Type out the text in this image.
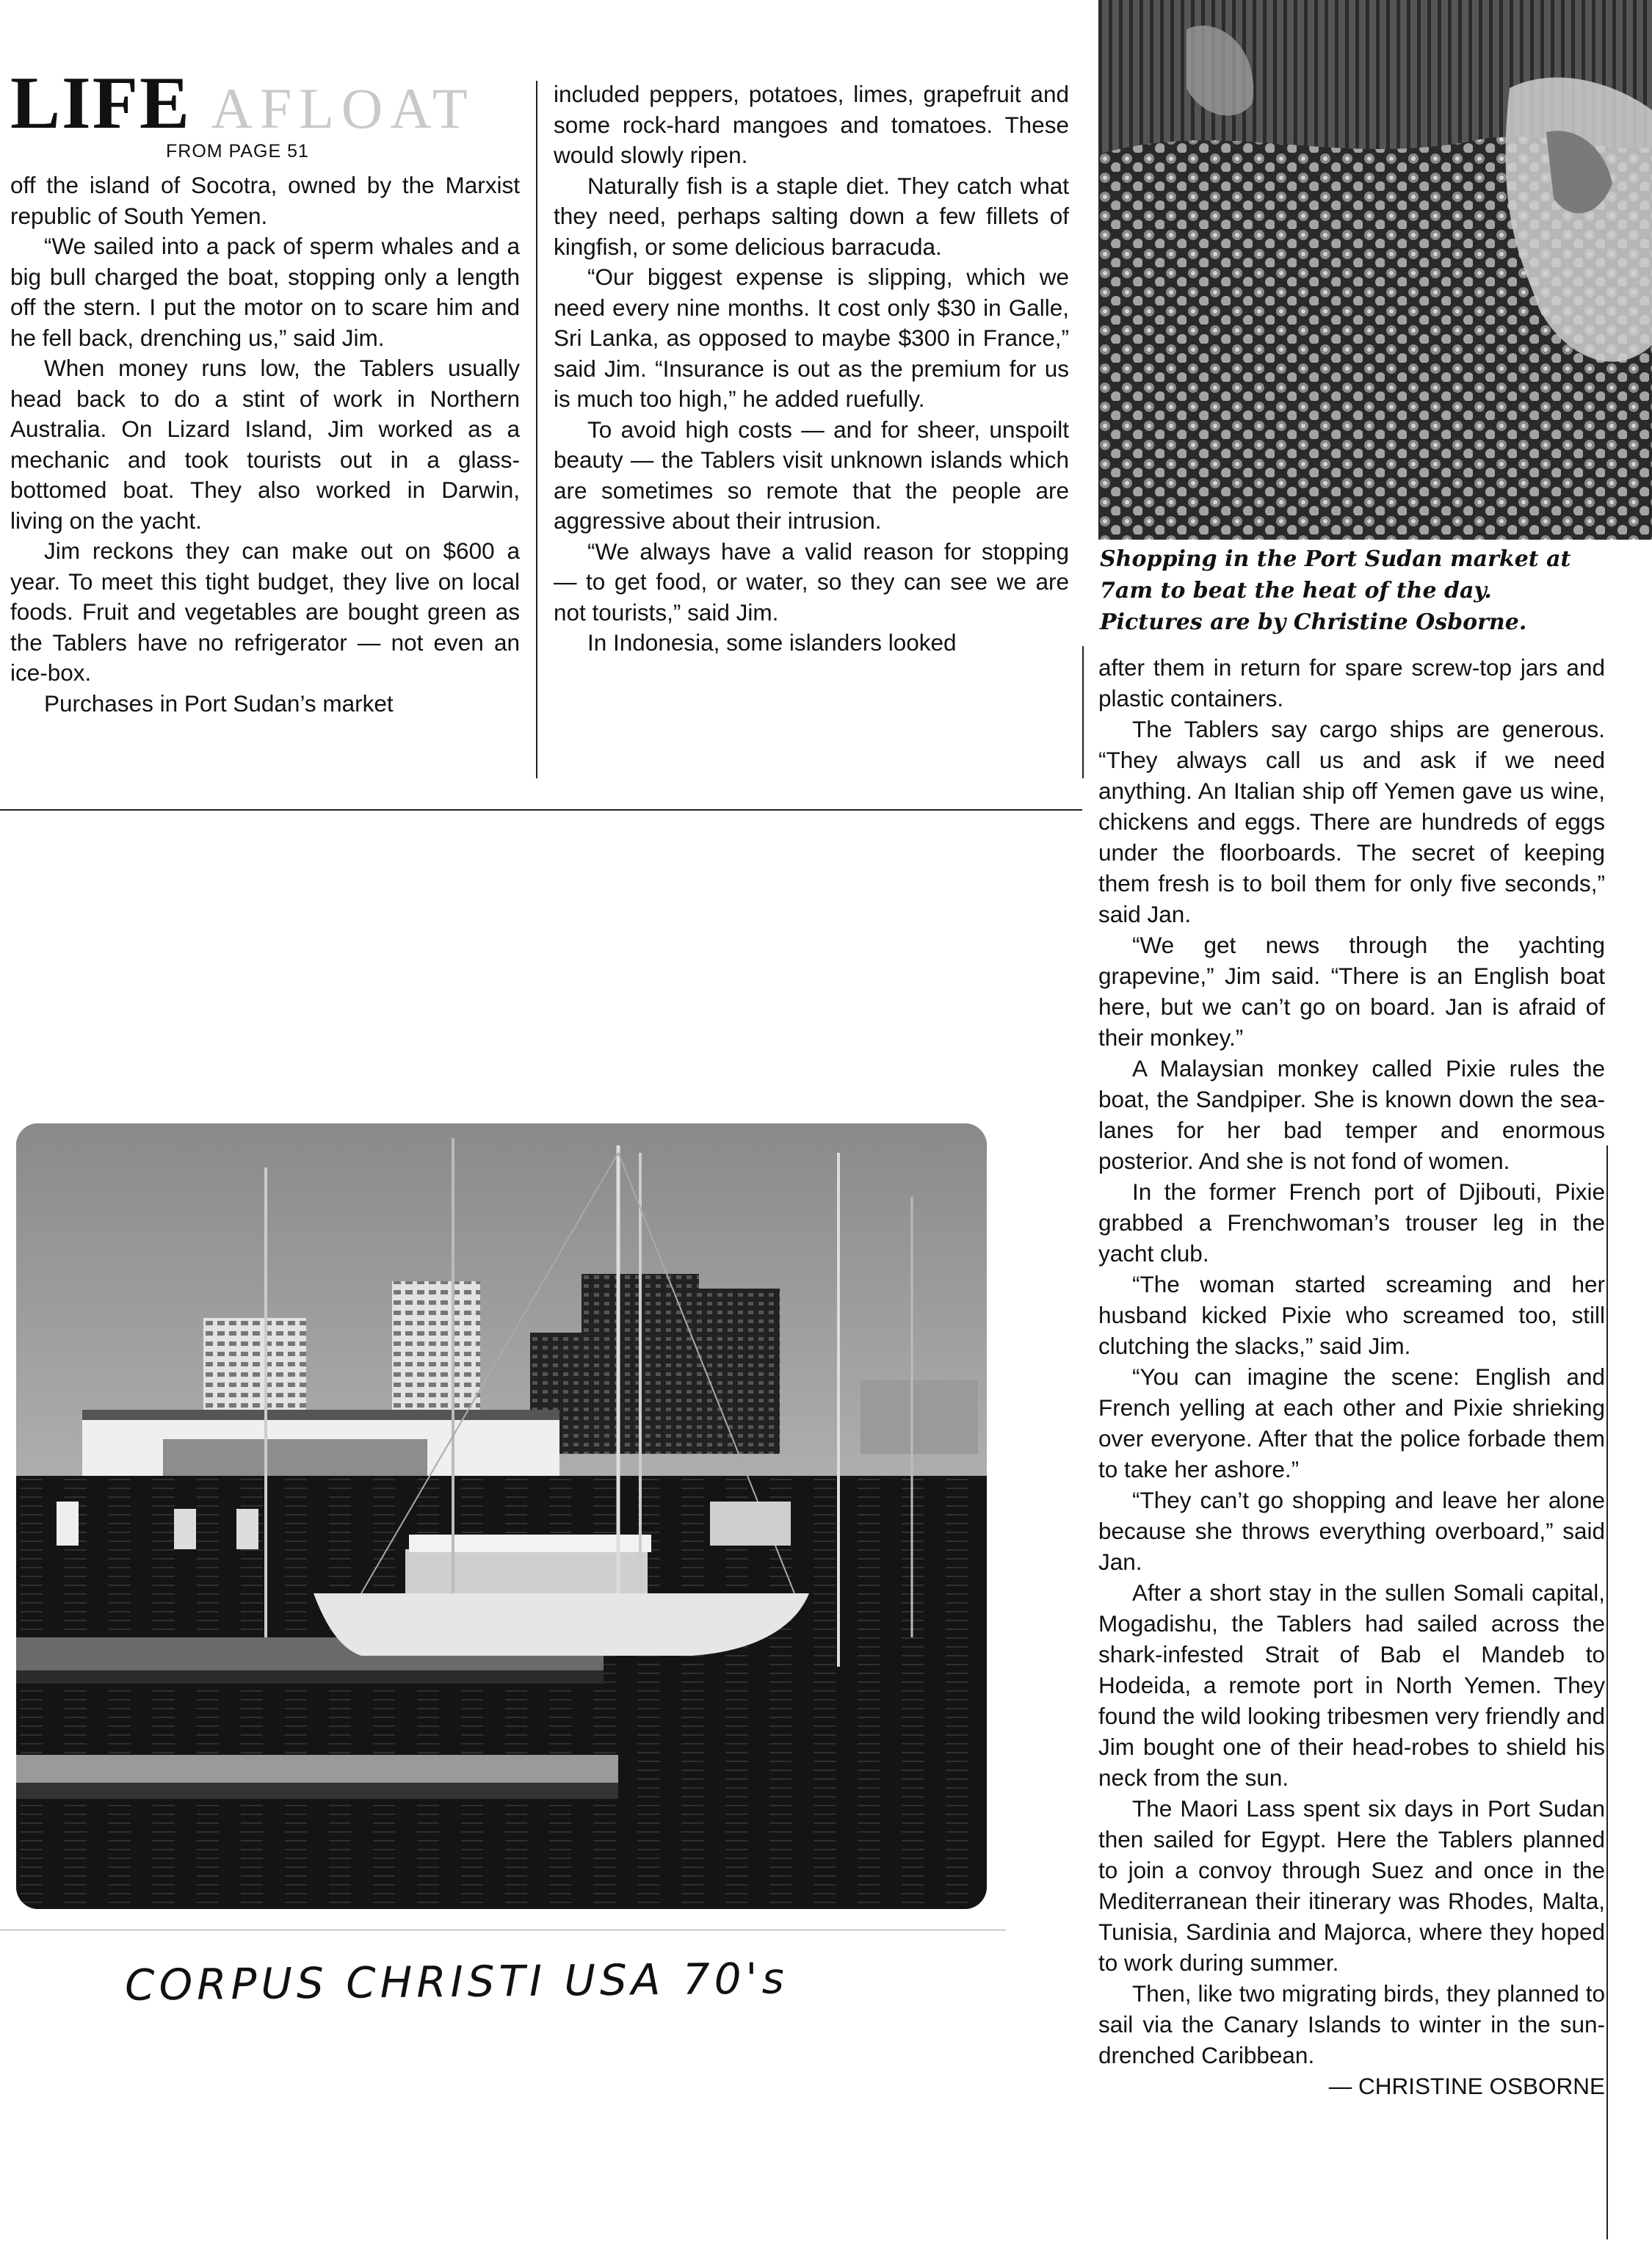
LIFE AFLOAT
FROM PAGE 51

off the island of Socotra, owned by the Marxist republic of South Yemen.

“We sailed into a pack of sperm whales and a big bull charged the boat, stopping only a length off the stern. I put the motor on to scare him and he fell back, drenching us,” said Jim.

When money runs low, the Tablers usually head back to do a stint of work in Northern Australia. On Lizard Island, Jim worked as a mechanic and took tourists out in a glass-bottomed boat. They also worked in Darwin, living on the yacht.

Jim reckons they can make out on $600 a year. To meet this tight budget, they live on local foods. Fruit and vegetables are bought green as the Tablers have no refrigerator — not even an ice-box.

Purchases in Port Sudan’s market

included peppers, potatoes, limes, grapefruit and some rock-hard mangoes and tomatoes. These would slowly ripen.

Naturally fish is a staple diet. They catch what they need, perhaps salting down a few fillets of kingfish, or some delicious barracuda.

“Our biggest expense is slipping, which we need every nine months. It cost only $30 in Galle, Sri Lanka, as opposed to maybe $300 in France,” said Jim. “Insurance is out as the premium for us is much too high,” he added ruefully.

To avoid high costs — and for sheer, unspoilt beauty — the Tablers visit unknown islands which are sometimes so remote that the people are aggressive about their intrusion.

“We always have a valid reason for stopping — to get food, or water, so they can see we are not tourists,” said Jim.

In Indonesia, some islanders looked

Shopping in the Port Sudan market at 7am to beat the heat of the day. Pictures are by Christine Osborne.

after them in return for spare screw-top jars and plastic containers.

The Tablers say cargo ships are generous. “They always call us and ask if we need anything. An Italian ship off Yemen gave us wine, chickens and eggs. There are hundreds of eggs under the floorboards. The secret of keeping them fresh is to boil them for only five seconds,” said Jan.

“We get news through the yachting grapevine,” Jim said. “There is an English boat here, but we can’t go on board. Jan is afraid of their monkey.”

A Malaysian monkey called Pixie rules the boat, the Sandpiper. She is known down the sea-lanes for her bad temper and enormous posterior. And she is not fond of women.

In the former French port of Djibouti, Pixie grabbed a Frenchwoman’s trouser leg in the yacht club.

“The woman started screaming and her husband kicked Pixie who screamed too, still clutching the slacks,” said Jim.

“You can imagine the scene: English and French yelling at each other and Pixie shrieking over everyone. After that the police forbade them to take her ashore.”

“They can’t go shopping and leave her alone because she throws everything overboard,” said Jan.

After a short stay in the sullen Somali capital, Mogadishu, the Tablers had sailed across the shark-infested Strait of Bab el Mandeb to Hodeida, a remote port in North Yemen. They found the wild looking tribesmen very friendly and Jim bought one of their head-robes to shield his neck from the sun.

The Maori Lass spent six days in Port Sudan then sailed for Egypt. Here the Tablers planned to join a convoy through Suez and once in the Mediterranean their itinerary was Rhodes, Malta, Tunisia, Sardinia and Majorca, where they hoped to work during summer.

Then, like two migrating birds, they planned to sail via the Canary Islands to winter in the sun-drenched Caribbean.

— CHRISTINE OSBORNE

CORPUS CHRISTI USA 70's
